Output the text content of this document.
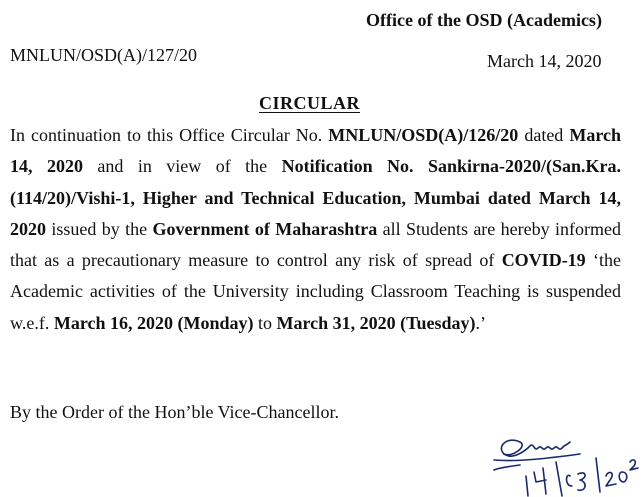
Office of the OSD (Academics)
MNLUN/OSD(A)/127/20	March 14, 2020
CIRCULAR

In continuation to this Office Circular No. MNLUN/OSD(A)/126/20 dated March 14, 2020 and in view of the Notification No. Sankirna-2020/(San.Kra.(114/20)/Vishi-1, Higher and Technical Education, Mumbai dated March 14, 2020 issued by the Government of Maharashtra all Students are hereby informed that as a precautionary measure to control any risk of spread of COVID-19 ‘the Academic activities of the University including Classroom Teaching is suspended w.e.f. March 16, 2020 (Monday) to March 31, 2020 (Tuesday).’

By the Order of the Hon’ble Vice-Chancellor.
